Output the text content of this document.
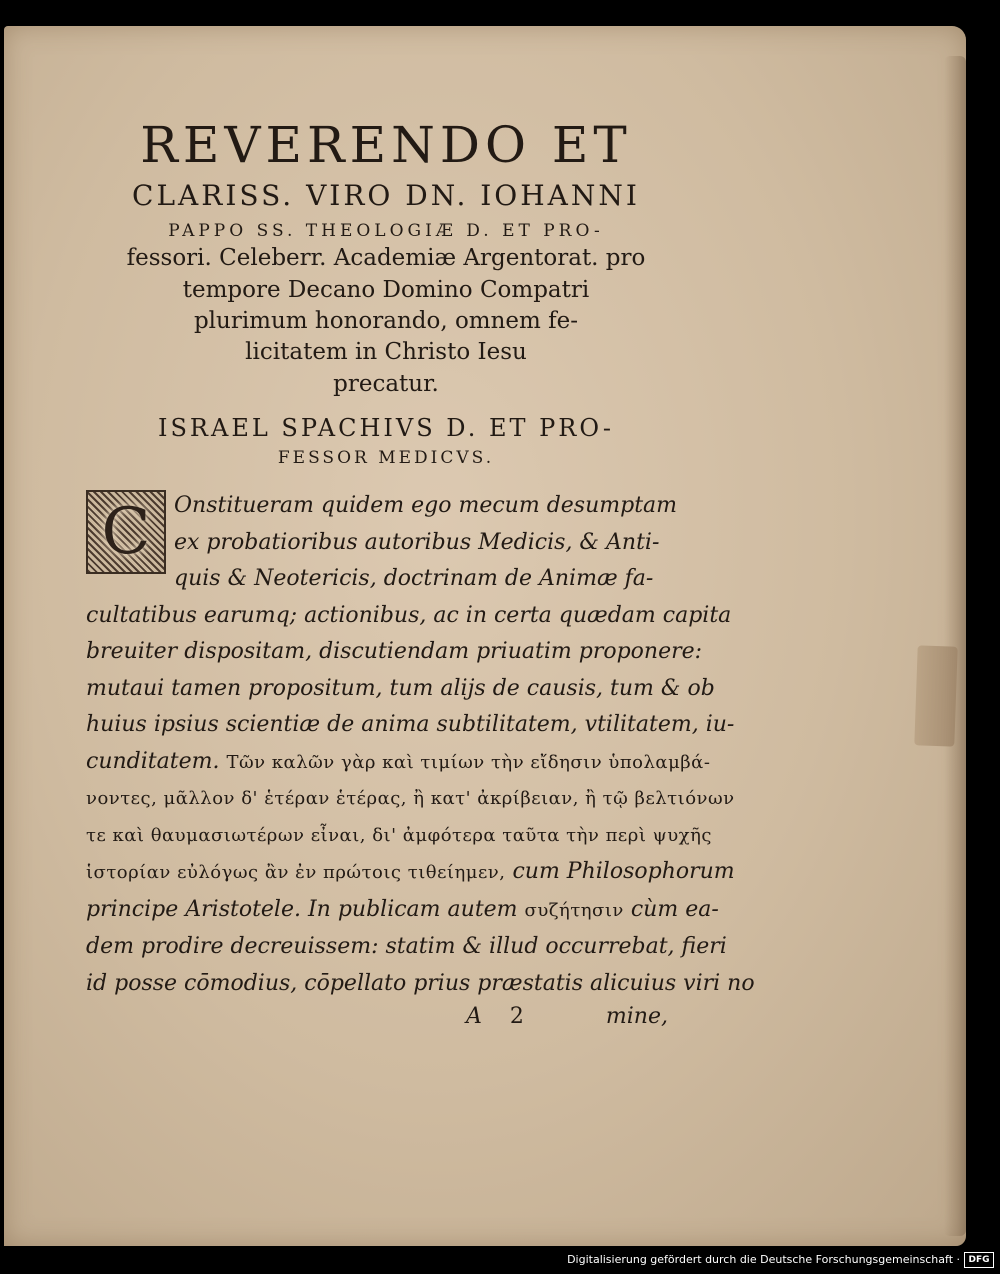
REVERENDO ET

CLARISS. VIRO DN. IOHANNI

PAPPO SS. THEOLOGIÆ D. ET PRO-

fessori. Celeberr. Academiæ Argentorat. pro

tempore Decano Domino Compatri

plurimum honorando, omnem fe-

licitatem in Christo Iesu

precatur.

ISRAEL SPACHIVS D. ET PRO-

FESSOR MEDICVS.

C	Onstitueram quidem ego mecum desumptam
ex probatioribus autoribus Medicis, & Anti-
quis & Neotericis, doctrinam de Animæ fa-
cultatibus earumq; actionibus, ac in certa quædam capita
breuiter dispositam, discutiendam priuatim proponere:
mutaui tamen propositum, tum alijs de causis, tum & ob
huius ipsius scientiæ de anima subtilitatem, vtilitatem, iu-
cunditatem. Τῶν καλῶν γὰρ καὶ τιμίων τὴν εἴδησιν ὑπολαμβά-
νοντες, μᾶλλον δ' ἑτέραν ἑτέρας, ἢ κατ' ἀκρίβειαν, ἢ τῷ βελτιόνων
τε καὶ θαυμασιωτέρων εἶναι, δι' ἀμφότερα ταῦτα τὴν περὶ ψυχῆς
ἱστορίαν εὐλόγως ἂν ἐν πρώτοις τιθείημεν, cum Philosophorum
principe Aristotele. In publicam autem συζήτησιν cùm ea-
dem prodire decreuissem: statim & illud occurrebat, fieri
id posse cōmodius, cōpellato prius præstatis alicuius viri no
A 2	mine,
Digitalisierung gefördert durch die Deutsche Forschungsgemeinschaft · DFG
